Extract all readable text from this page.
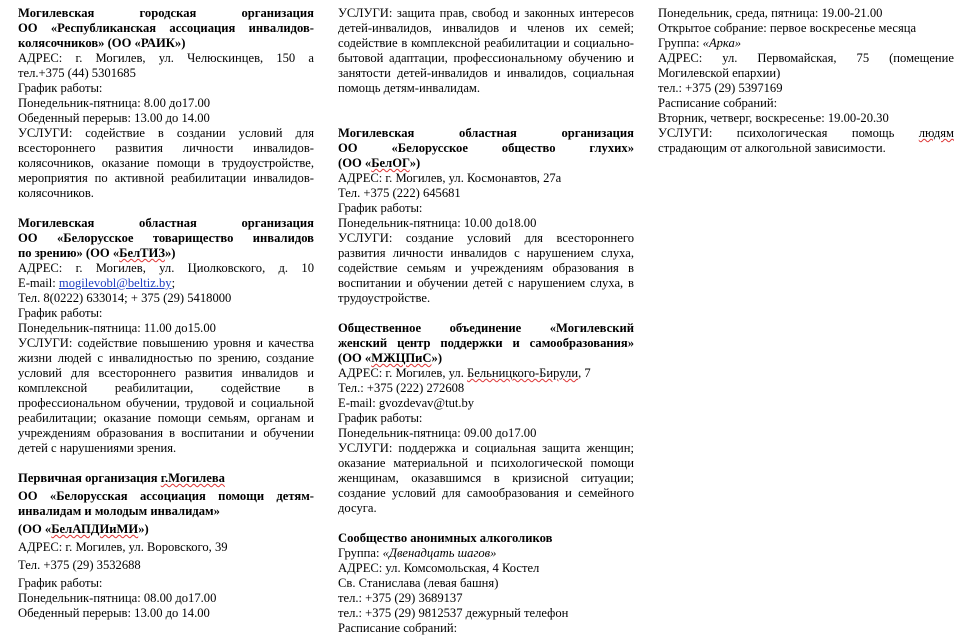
Могилевская городская организация

ОО «Республиканская ассоциация инвалидов-

колясочников» (ОО «РАИК»)

АДРЕС: г. Могилев, ул. Челюскинцев, 150 а

тел.+375 (44) 5301685

График работы:

Понедельник-пятница: 8.00 до17.00

Обеденный перерыв: 13.00 до 14.00

УСЛУГИ: содействие в создании условий для всестороннего развития личности инвалидов-колясочников, оказание помощи в трудоустройстве, мероприятия по активной реабилитации инвалидов-колясочников.

Могилевская областная организация

ОО «Белорусское товарищество инвалидов

по зрению» (ОО «БелТИЗ»)

АДРЕС: г. Могилев, ул. Циолковского, д. 10

E-mail: mogilevobl@beltiz.by;

Тел. 8(0222) 633014; + 375 (29) 5418000

График работы:

Понедельник-пятница: 11.00 до15.00

УСЛУГИ: содействие повышению уровня и качества жизни людей с инвалидностью по зрению, создание условий для всестороннего развития инвалидов и комплексной реабилитации, содействие в профессиональном обучении, трудовой и социальной реабилитации; оказание помощи семьям, органам и учреждениям образования в воспитании и обучении детей с нарушениями зрения.

Первичная организация г.Могилева

ОО «Белорусская ассоциация помощи детям-

инвалидам и молодым инвалидам»

(ОО «БелАПДИиМИ»)

АДРЕС: г. Могилев, ул. Воровского, 39

Тел. +375 (29) 3532688

График работы:

Понедельник-пятница: 08.00 до17.00

Обеденный перерыв: 13.00 до 14.00

УСЛУГИ: защита прав, свобод и законных интересов детей-инвалидов, инвалидов и членов их семей; содействие в комплексной реабилитации и социально-бытовой адаптации, профессиональному обучению и занятости детей-инвалидов и инвалидов, социальная помощь детям-инвалидам.

Могилевская областная организация

ОО «Белорусское общество глухих»

(ОО «БелОГ»)

АДРЕС: г. Могилев, ул. Космонавтов, 27а

Тел. +375 (222) 645681

График работы:

Понедельник-пятница: 10.00 до18.00

УСЛУГИ: создание условий для всестороннего развития личности инвалидов с нарушением слуха, содействие семьям и учреждениям образования в воспитании и обучении детей с нарушением слуха, в трудоустройстве.

Общественное объединение «Могилевский

женский центр поддержки и самообразования»

(ОО «МЖЦПиС»)

АДРЕС: г. Могилев, ул. Бельницкого-Бирули, 7

Тел.: +375 (222) 272608

E-mail: gvozdevav@tut.by

График работы:

Понедельник-пятница: 09.00 до17.00

УСЛУГИ: поддержка и социальная защита женщин; оказание материальной и психологической помощи женщинам, оказавшимся в кризисной ситуации; создание условий для самообразования и семейного досуга.

Сообщество анонимных алкоголиков

Группа: «Двенадцать шагов»

АДРЕС: ул. Комсомольская, 4 Костел

Св. Станислава (левая башня)

тел.: +375 (29) 3689137

тел.: +375 (29) 9812537 дежурный телефон

Расписание собраний:

Понедельник, среда, пятница: 19.00-21.00

Открытое собрание: первое воскресенье месяца

Группа: «Арка»

АДРЕС: ул. Первомайская, 75 (помещение

Могилевской епархии)

тел.: +375 (29) 5397169

Расписание собраний:

Вторник, четверг, воскресенье: 19.00-20.30

УСЛУГИ: психологическая помощь людям

страдающим от алкогольной зависимости.
